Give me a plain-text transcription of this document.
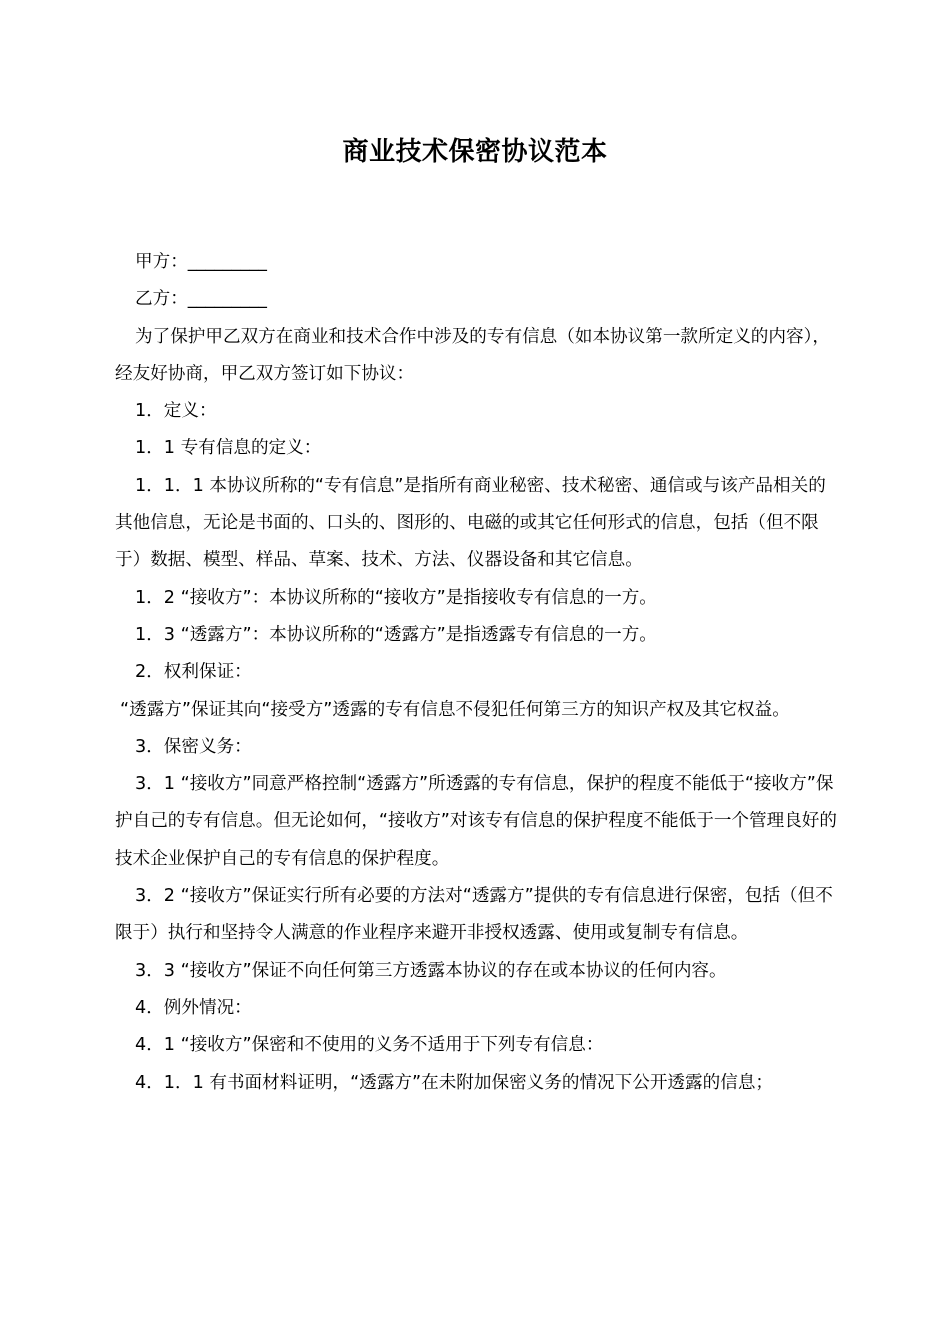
商业技术保密协议范本

甲方：_________

乙方：_________

为了保护甲乙双方在商业和技术合作中涉及的专有信息（如本协议第一款所定义的内容），经友好协商，甲乙双方签订如下协议：

1．定义：

1．1 专有信息的定义：

1．1．1 本协议所称的“专有信息”是指所有商业秘密、技术秘密、通信或与该产品相关的其他信息，无论是书面的、口头的、图形的、电磁的或其它任何形式的信息，包括（但不限于）数据、模型、样品、草案、技术、方法、仪器设备和其它信息。

1．2 “接收方”：本协议所称的“接收方”是指接收专有信息的一方。

1．3 “透露方”：本协议所称的“透露方”是指透露专有信息的一方。

2．权利保证：

“透露方”保证其向“接受方”透露的专有信息不侵犯任何第三方的知识产权及其它权益。

3．保密义务：

3．1 “接收方”同意严格控制“透露方”所透露的专有信息，保护的程度不能低于“接收方”保护自己的专有信息。但无论如何，“接收方”对该专有信息的保护程度不能低于一个管理良好的技术企业保护自己的专有信息的保护程度。

3．2 “接收方”保证实行所有必要的方法对“透露方”提供的专有信息进行保密，包括（但不限于）执行和坚持令人满意的作业程序来避开非授权透露、使用或复制专有信息。

3．3 “接收方”保证不向任何第三方透露本协议的存在或本协议的任何内容。

4．例外情况：

4．1 “接收方”保密和不使用的义务不适用于下列专有信息：

4．1．1 有书面材料证明，“透露方”在未附加保密义务的情况下公开透露的信息；
